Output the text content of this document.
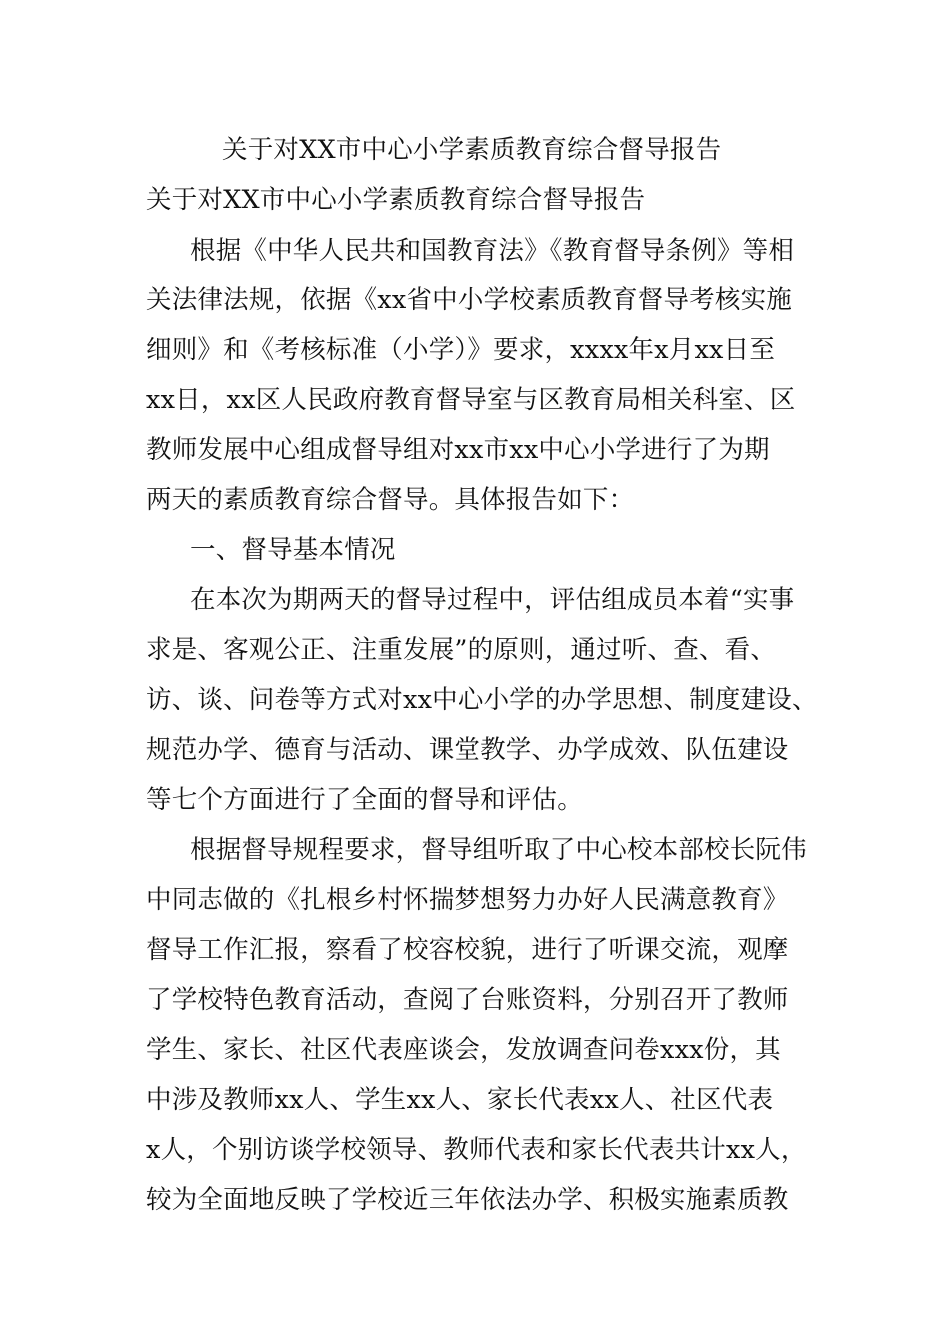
关于对XX市中心小学素质教育综合督导报告
关于对XX市中心小学素质教育综合督导报告
根据《中华人民共和国教育法》《教育督导条例》等相
关法律法规，依据《xx省中小学校素质教育督导考核实施
细则》和《考核标准（小学）》要求，xxxx年x月xx日至
xx日，xx区人民政府教育督导室与区教育局相关科室、区
教师发展中心组成督导组对xx市xx中心小学进行了为期
两天的素质教育综合督导。具体报告如下：
一、督导基本情况
在本次为期两天的督导过程中，评估组成员本着“实事
求是、客观公正、注重发展”的原则，通过听、查、看、
访、谈、问卷等方式对xx中心小学的办学思想、制度建设、
规范办学、德育与活动、课堂教学、办学成效、队伍建设
等七个方面进行了全面的督导和评估。
根据督导规程要求，督导组听取了中心校本部校长阮伟
中同志做的《扎根乡村怀揣梦想努力办好人民满意教育》
督导工作汇报，察看了校容校貌，进行了听课交流，观摩
了学校特色教育活动，查阅了台账资料，分别召开了教师
学生、家长、社区代表座谈会，发放调查问卷xxx份，其
中涉及教师xx人、学生xx人、家长代表xx人、社区代表
x人，个别访谈学校领导、教师代表和家长代表共计xx人，
较为全面地反映了学校近三年依法办学、积极实施素质教
